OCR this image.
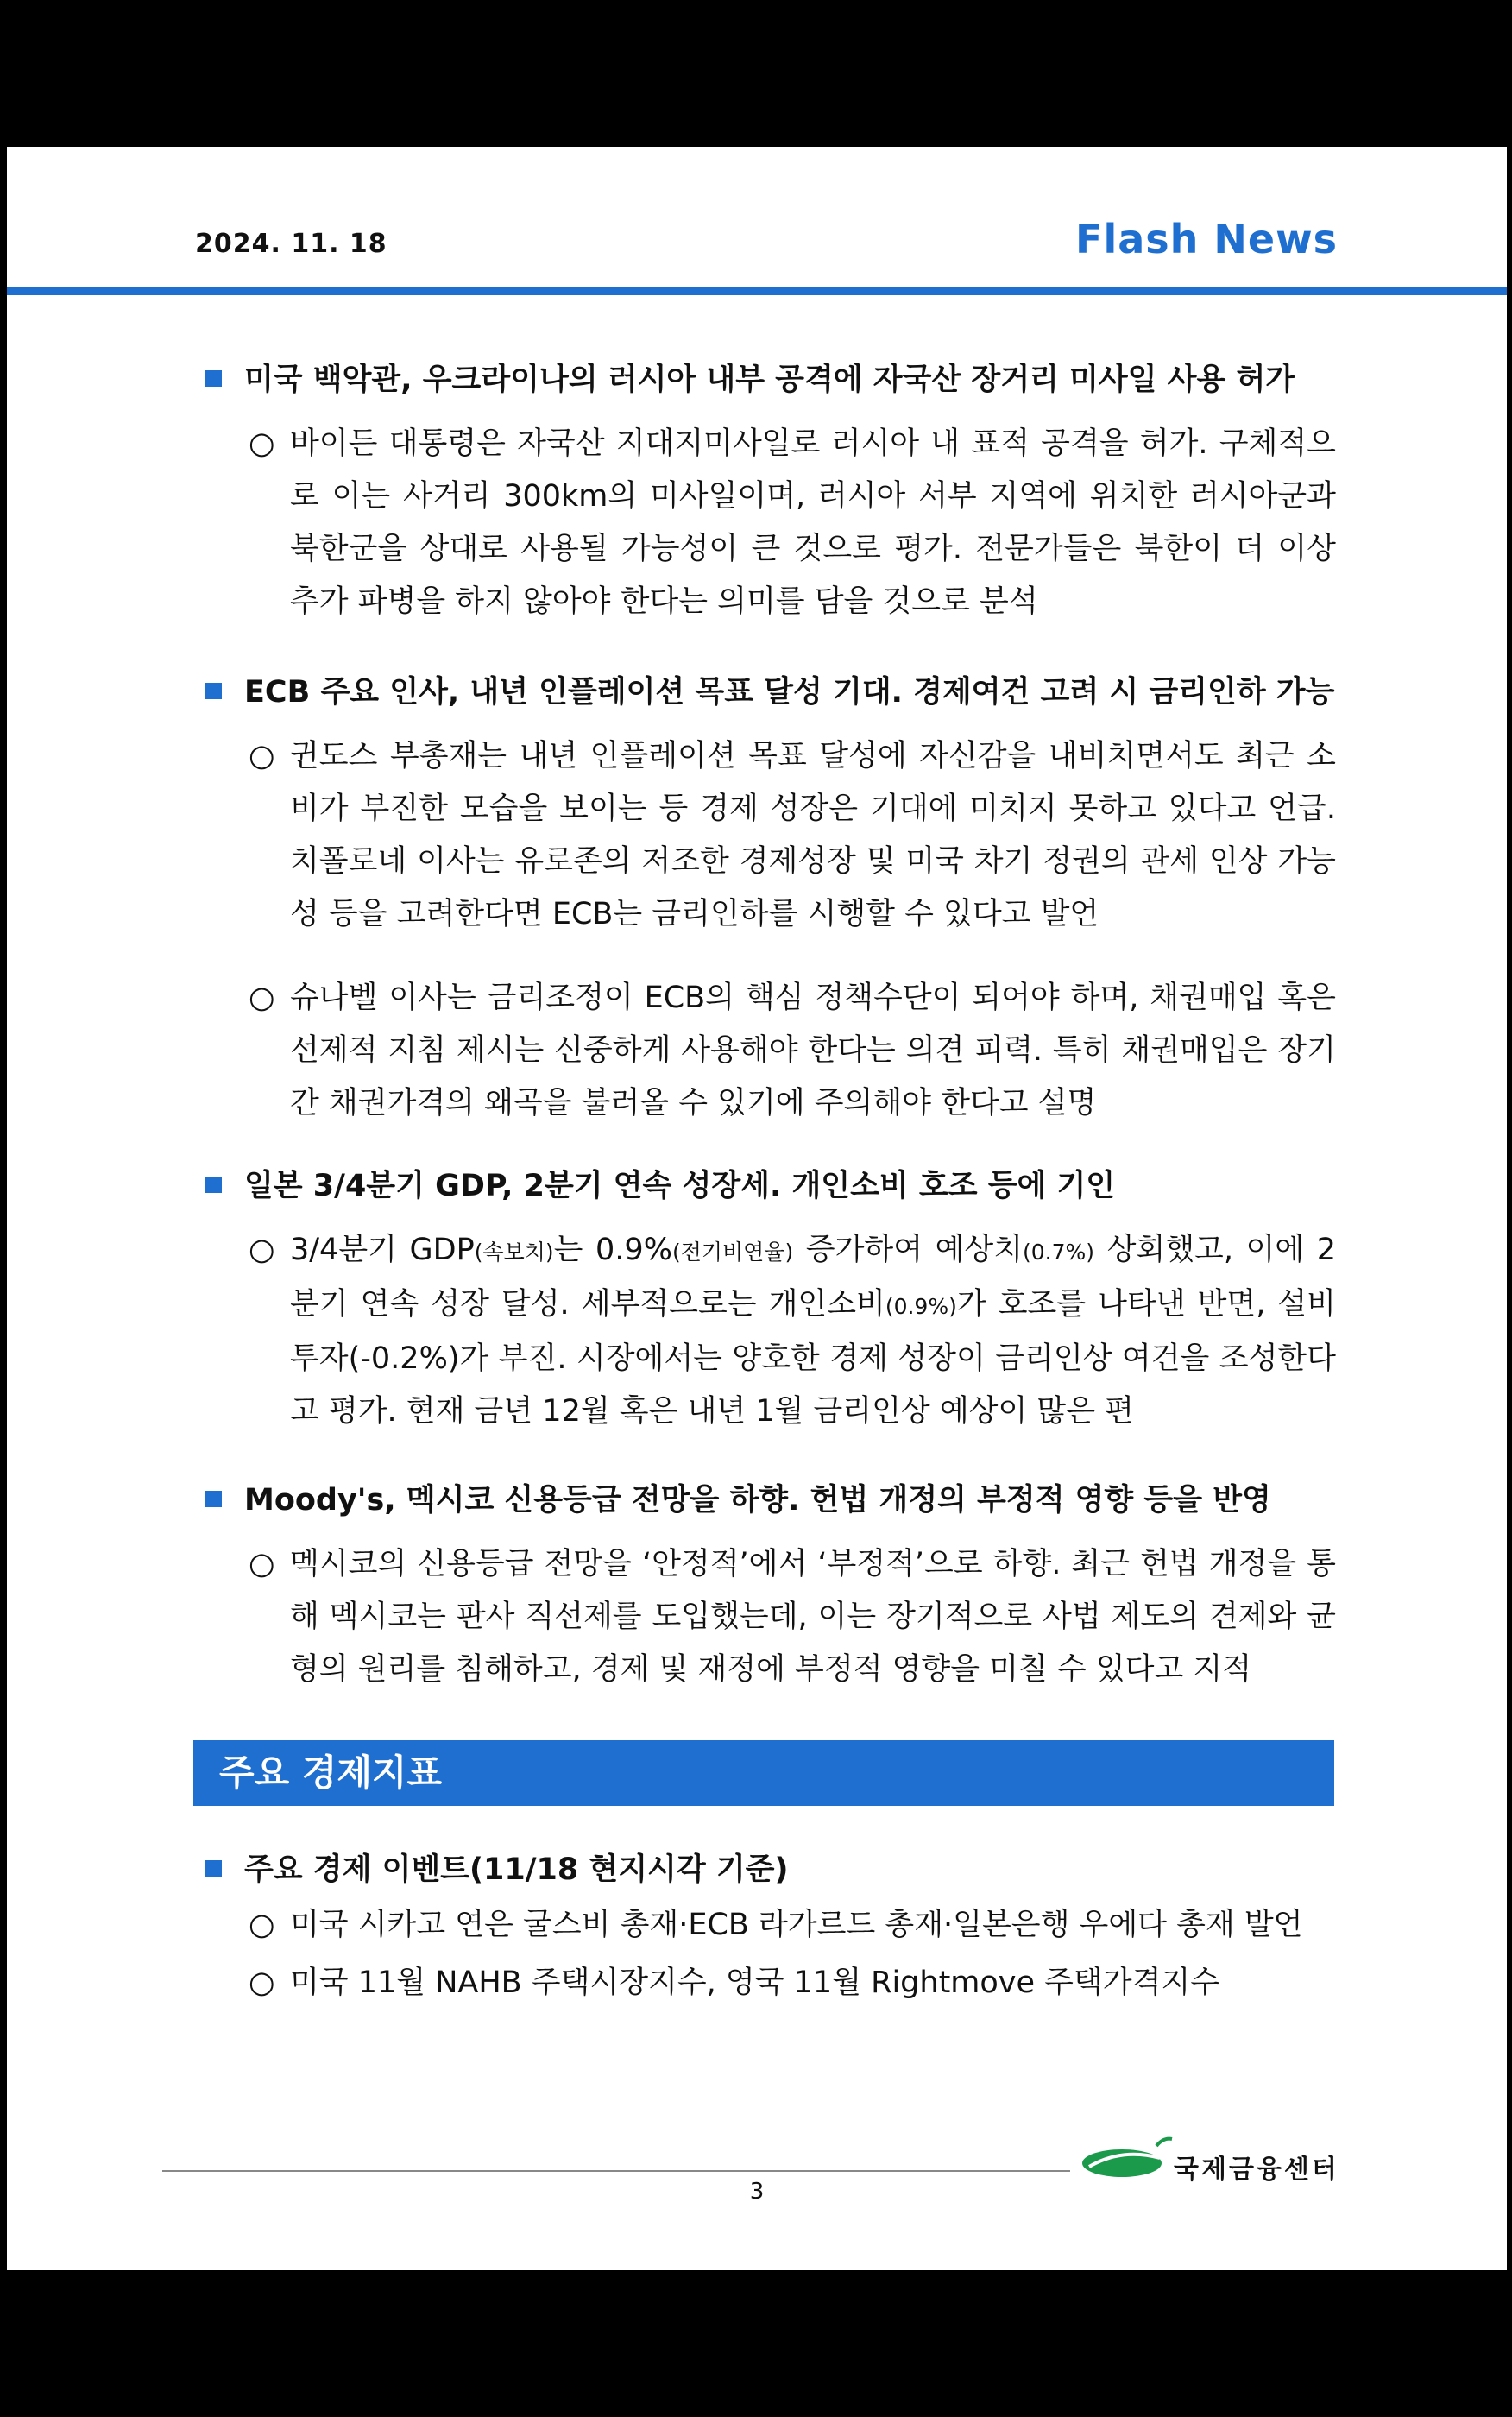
2024. 11. 18	Flash News
미국 백악관, 우크라이나의 러시아 내부 공격에 자국산 장거리 미사일 사용 허가
○ 바이든 대통령은 자국산 지대지미사일로 러시아 내 표적 공격을 허가. 구체적으로 이는 사거리 300km의 미사일이며, 러시아 서부 지역에 위치한 러시아군과 북한군을 상대로 사용될 가능성이 큰 것으로 평가. 전문가들은 북한이 더 이상 추가 파병을 하지 않아야 한다는 의미를 담을 것으로 분석
ECB 주요 인사, 내년 인플레이션 목표 달성 기대. 경제여건 고려 시 금리인하 가능
○ 귄도스 부총재는 내년 인플레이션 목표 달성에 자신감을 내비치면서도 최근 소비가 부진한 모습을 보이는 등 경제 성장은 기대에 미치지 못하고 있다고 언급. 치폴로네 이사는 유로존의 저조한 경제성장 및 미국 차기 정권의 관세 인상 가능성 등을 고려한다면 ECB는 금리인하를 시행할 수 있다고 발언
○ 슈나벨 이사는 금리조정이 ECB의 핵심 정책수단이 되어야 하며, 채권매입 혹은 선제적 지침 제시는 신중하게 사용해야 한다는 의견 피력. 특히 채권매입은 장기간 채권가격의 왜곡을 불러올 수 있기에 주의해야 한다고 설명
일본 3/4분기 GDP, 2분기 연속 성장세. 개인소비 호조 등에 기인
○ 3/4분기 GDP(속보치)는 0.9%(전기비연율) 증가하여 예상치(0.7%) 상회했고, 이에 2분기 연속 성장 달성. 세부적으로는 개인소비(0.9%)가 호조를 나타낸 반면, 설비투자(-0.2%)가 부진. 시장에서는 양호한 경제 성장이 금리인상 여건을 조성한다고 평가. 현재 금년 12월 혹은 내년 1월 금리인상 예상이 많은 편
Moody's, 멕시코 신용등급 전망을 하향. 헌법 개정의 부정적 영향 등을 반영
○ 멕시코의 신용등급 전망을 ‘안정적’에서 ‘부정적’으로 하향. 최근 헌법 개정을 통해 멕시코는 판사 직선제를 도입했는데, 이는 장기적으로 사법 제도의 견제와 균형의 원리를 침해하고, 경제 및 재정에 부정적 영향을 미칠 수 있다고 지적
주요 경제지표
주요 경제 이벤트(11/18 현지시각 기준)
○ 미국 시카고 연은 굴스비 총재·ECB 라가르드 총재·일본은행 우에다 총재 발언
○ 미국 11월 NAHB 주택시장지수, 영국 11월 Rightmove 주택가격지수
국제금융센터
3
